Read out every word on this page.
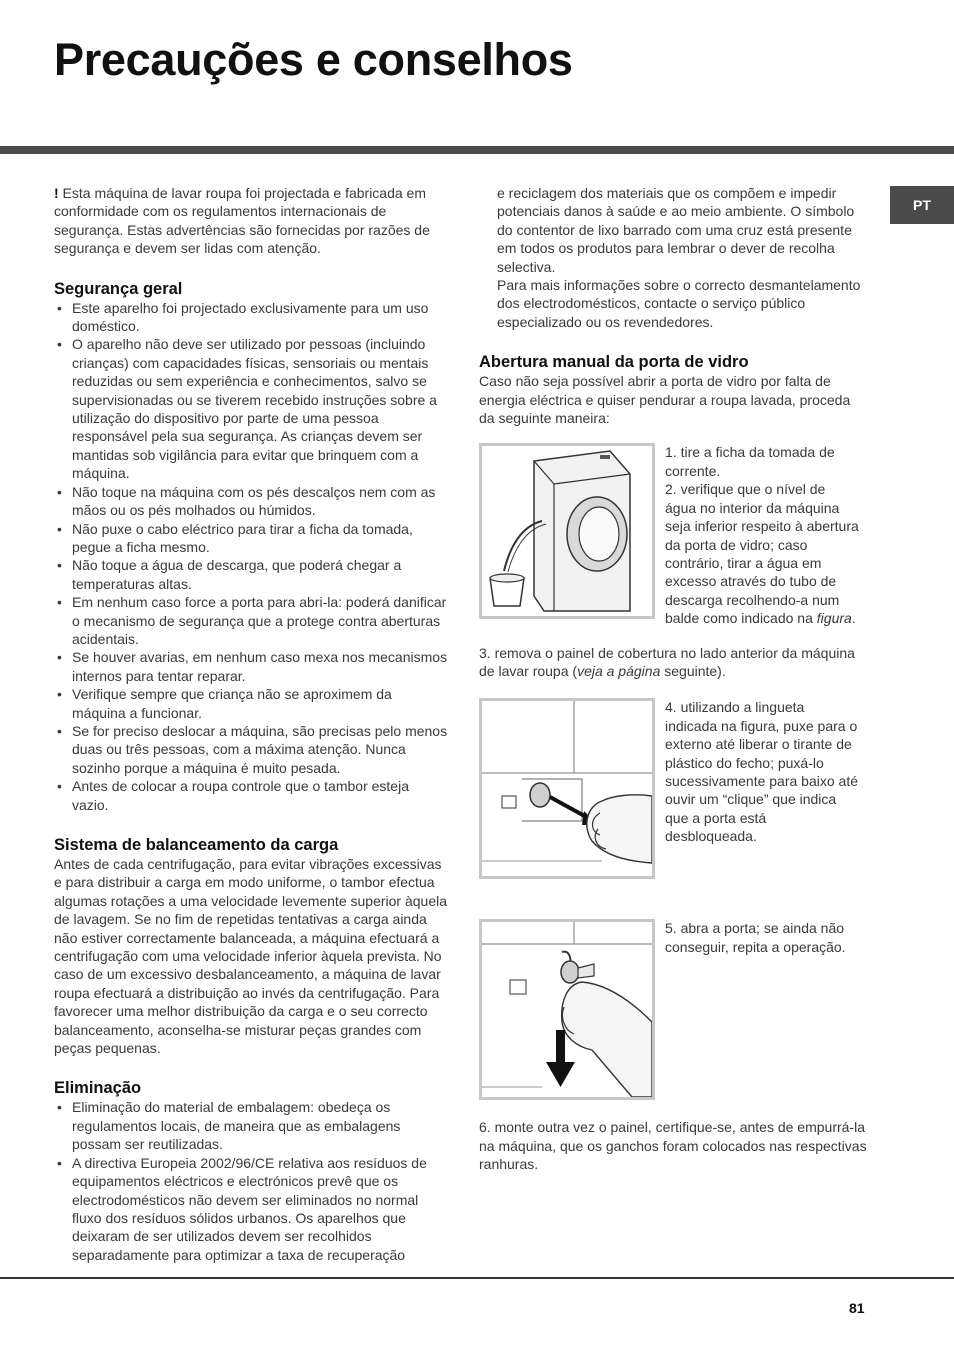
Precauções e conselhos
PT

! Esta máquina de lavar roupa foi projectada e fabricada em conformidade com os regulamentos internacionais de segurança. Estas advertências são fornecidas por razões de segurança e devem ser lidas com atenção.

Segurança geral
• Este aparelho foi projectado exclusivamente para um uso doméstico.
• O aparelho não deve ser utilizado por pessoas (incluindo crianças) com capacidades físicas, sensoriais ou mentais reduzidas ou sem experiência e conhecimentos, salvo se supervisionadas ou se tiverem recebido instruções sobre a utilização do dispositivo por parte de uma pessoa responsável pela sua segurança. As crianças devem ser mantidas sob vigilância para evitar que brinquem com a máquina.
• Não toque na máquina com os pés descalços nem com as mãos ou os pés molhados ou húmidos.
• Não puxe o cabo eléctrico para tirar a ficha da tomada, pegue a ficha mesmo.
• Não toque a água de descarga, que poderá chegar a temperaturas altas.
• Em nenhum caso force a porta para abri-la: poderá danificar o mecanismo de segurança que a protege contra aberturas acidentais.
• Se houver avarias, em nenhum caso mexa nos mecanismos internos para tentar reparar.
• Verifique sempre que criança não se aproximem da máquina a funcionar.
• Se for preciso deslocar a máquina, são precisas pelo menos duas ou três pessoas, com a máxima atenção. Nunca sozinho porque a máquina é muito pesada.
• Antes de colocar a roupa controle que o tambor esteja vazio.
Sistema de balanceamento da carga

Antes de cada centrifugação, para evitar vibrações excessivas e para distribuir a carga em modo uniforme, o tambor efectua algumas rotações a uma velocidade levemente superior àquela de lavagem. Se no fim de repetidas tentativas a carga ainda não estiver correctamente balanceada, a máquina efectuará a centrifugação com uma velocidade inferior àquela prevista. No caso de um excessivo desbalanceamento, a máquina de lavar roupa efectuará a distribuição ao invés da centrifugação. Para favorecer uma melhor distribuição da carga e o seu correcto balanceamento, aconselha-se misturar peças grandes com peças pequenas.

Eliminação
• Eliminação do material de embalagem: obedeça os regulamentos locais, de maneira que as embalagens possam ser reutilizadas.
• A directiva Europeia 2002/96/CE relativa aos resíduos de equipamentos eléctricos e electrónicos prevê que os electrodomésticos não devem ser eliminados no normal fluxo dos resíduos sólidos urbanos. Os aparelhos que deixaram de ser utilizados devem ser recolhidos separadamente para optimizar a taxa de recuperação

e reciclagem dos materiais que os compõem e impedir potenciais danos à saúde e ao meio ambiente. O símbolo do contentor de lixo barrado com uma cruz está presente em todos os produtos para lembrar o dever de recolha selectiva.

Para mais informações sobre o correcto desmantelamento dos electrodomésticos, contacte o serviço público especializado ou os revendedores.

Abertura manual da porta de vidro

Caso não seja possível abrir a porta de vidro por falta de energia eléctrica e quiser pendurar a roupa lavada, proceda da seguinte maneira:

1. tire a ficha da tomada de corrente.

2. verifique que o nível de água no interior da máquina seja inferior respeito à abertura da porta de vidro; caso contrário, tirar a água em excesso através do tubo de descarga recolhendo-a num balde como indicado na figura.

3. remova o painel de cobertura no lado anterior da máquina de lavar roupa (veja a página seguinte).

4. utilizando a lingueta indicada na figura, puxe para o externo até liberar o tirante de plástico do fecho; puxá-lo sucessivamente para baixo até ouvir um “clique” que indica que a porta está desbloqueada.

5. abra a porta; se ainda não conseguir, repita a operação.

6. monte outra vez o painel, certifique-se, antes de empurrá-la na máquina, que os ganchos foram colocados nas respectivas ranhuras.

81
